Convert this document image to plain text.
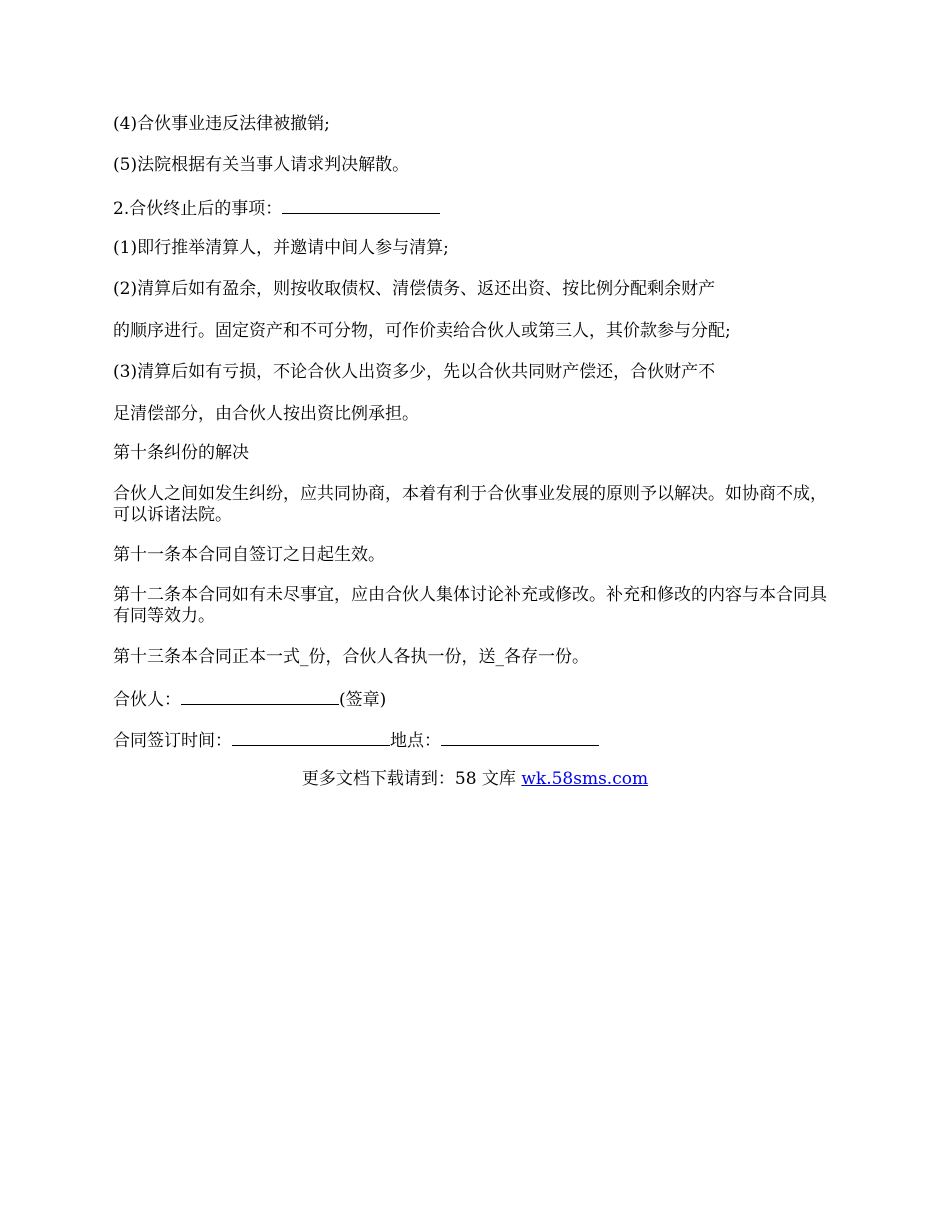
(4)合伙事业违反法律被撤销;
(5)法院根据有关当事人请求判决解散。
2.合伙终止后的事项：
(1)即行推举清算人，并邀请中间人参与清算;
(2)清算后如有盈余，则按收取债权、清偿债务、返还出资、按比例分配剩余财产
的顺序进行。固定资产和不可分物，可作价卖给合伙人或第三人，其价款参与分配;
(3)清算后如有亏损，不论合伙人出资多少，先以合伙共同财产偿还，合伙财产不
足清偿部分，由合伙人按出资比例承担。
第十条纠份的解决
合伙人之间如发生纠纷，应共同协商，本着有利于合伙事业发展的原则予以解决。如协商不成，可以诉诸法院。
第十一条本合同自签订之日起生效。
第十二条本合同如有未尽事宜，应由合伙人集体讨论补充或修改。补充和修改的内容与本合同具有同等效力。
第十三条本合同正本一式_份，合伙人各执一份，送_各存一份。
合伙人：	(签章)
合同签订时间：	地点：
更多文档下载请到：58 文库 wk.58sms.com
